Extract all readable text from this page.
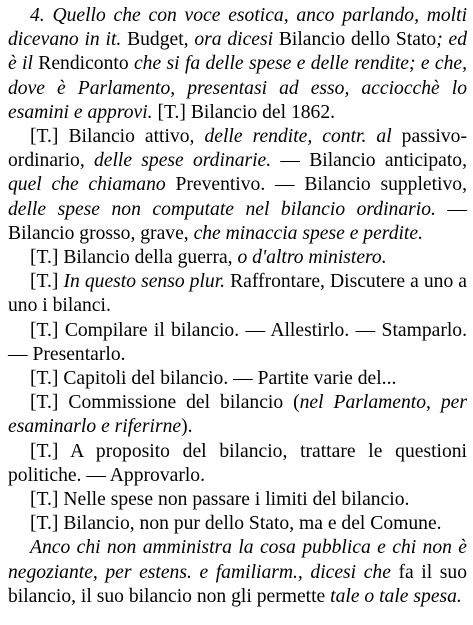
4. Quello che con voce esotica, anco parlando, molti dicevano in it. Budget, ora dicesi Bilancio dello Stato; ed è il Rendiconto che si fa delle spese e delle rendite; e che, dove è Parlamento, presentasi ad esso, acciocchè lo esamini e approvi. [T.] Bilancio del 1862.

[T.] Bilancio attivo, delle rendite, contr. al passivo-ordinario, delle spese ordinarie. — Bilancio anticipato, quel che chiamano Preventivo. — Bilancio suppletivo, delle spese non computate nel bilancio ordinario. — Bilancio grosso, grave, che minaccia spese e perdite.

[T.] Bilancio della guerra, o d'altro ministero.

[T.] In questo senso plur. Raffrontare, Discutere a uno a uno i bilanci.

[T.] Compilare il bilancio. — Allestirlo. — Stamparlo. — Presentarlo.

[T.] Capitoli del bilancio. — Partite varie del...

[T.] Commissione del bilancio (nel Parlamento, per esaminarlo e riferirne).

[T.] A proposito del bilancio, trattare le questioni politiche. — Approvarlo.

[T.] Nelle spese non passare i limiti del bilancio.

[T.] Bilancio, non pur dello Stato, ma e del Comune.

Anco chi non amministra la cosa pubblica e chi non è negoziante, per estens. e familiarm., dicesi che fa il suo bilancio, il suo bilancio non gli permette tale o tale spesa.
